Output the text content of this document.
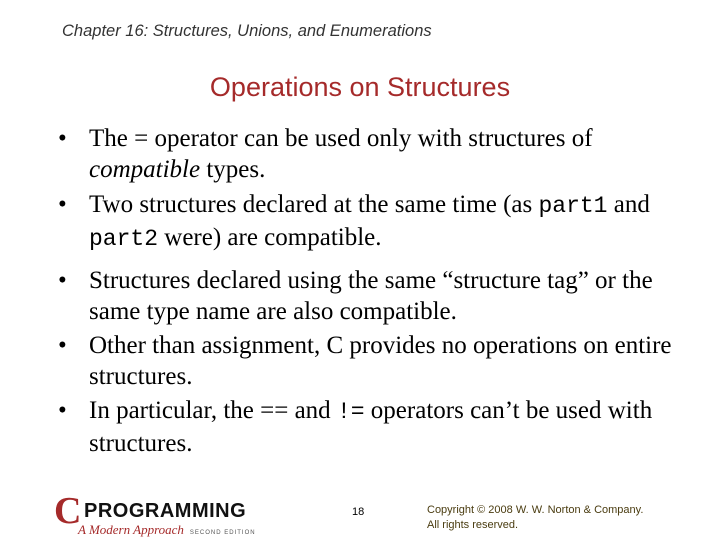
Chapter 16: Structures, Unions, and Enumerations
Operations on Structures
• The = operator can be used only with structures of compatible types.
• Two structures declared at the same time (as part1 and part2 were) are compatible.
• Structures declared using the same “structure tag” or the same type name are also compatible.
• Other than assignment, C provides no operations on entire structures.
• In particular, the == and != operators can’t be used with structures.
C PROGRAMMING
A Modern Approach SECOND EDITION
18	Copyright © 2008 W. W. Norton & Company.
All rights reserved.
